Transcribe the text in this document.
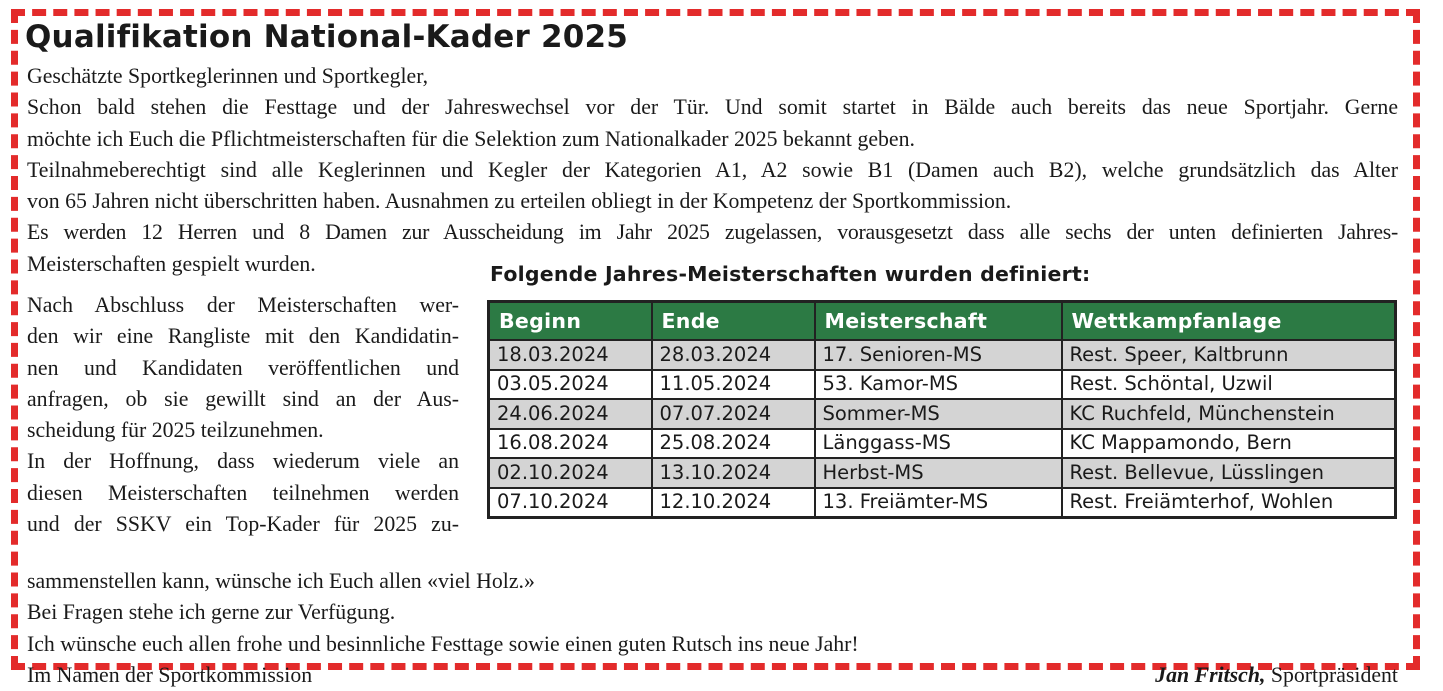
Qualifikation National-Kader 2025
Geschätzte Sportkeglerinnen und Sportkegler,
Schon bald stehen die Festtage und der Jahreswechsel vor der Tür. Und somit startet in Bälde auch bereits das neue Sportjahr. Gerne
möchte ich Euch die Pflichtmeisterschaften für die Selektion zum Nationalkader 2025 bekannt geben.
Teilnahmeberechtigt sind alle Keglerinnen und Kegler der Kategorien A1, A2 sowie B1 (Damen auch B2), welche grundsätzlich das Alter
von 65 Jahren nicht überschritten haben. Ausnahmen zu erteilen obliegt in der Kompetenz der Sportkommission.
Es werden 12 Herren und 8 Damen zur Ausscheidung im Jahr 2025 zugelassen, vorausgesetzt dass alle sechs der unten definierten Jahres-
Meisterschaften gespielt wurden.
Nach Abschluss der Meisterschaften wer-
den wir eine Rangliste mit den Kandidatin-
nen und Kandidaten veröffentlichen und
anfragen, ob sie gewillt sind an der Aus-
scheidung für 2025 teilzunehmen.
In der Hoffnung, dass wiederum viele an
diesen Meisterschaften teilnehmen werden
und der SSKV ein Top-Kader für 2025 zu-
sammenstellen kann, wünsche ich Euch allen «viel Holz.»
Bei Fragen stehe ich gerne zur Verfügung.
Ich wünsche euch allen frohe und besinnliche Festtage sowie einen guten Rutsch ins neue Jahr!
Im Namen der Sportkommission	Jan Fritsch, Sportpräsident
Folgende Jahres-Meisterschaften wurden definiert:
Beginn	Ende	Meisterschaft	Wettkampfanlage
18.03.2024	28.03.2024	17. Senioren-MS	Rest. Speer, Kaltbrunn
03.05.2024	11.05.2024	53. Kamor-MS	Rest. Schöntal, Uzwil
24.06.2024	07.07.2024	Sommer-MS	KC Ruchfeld, Münchenstein
16.08.2024	25.08.2024	Länggass-MS	KC Mappamondo, Bern
02.10.2024	13.10.2024	Herbst-MS	Rest. Bellevue, Lüsslingen
07.10.2024	12.10.2024	13. Freiämter-MS	Rest. Freiämterhof, Wohlen
